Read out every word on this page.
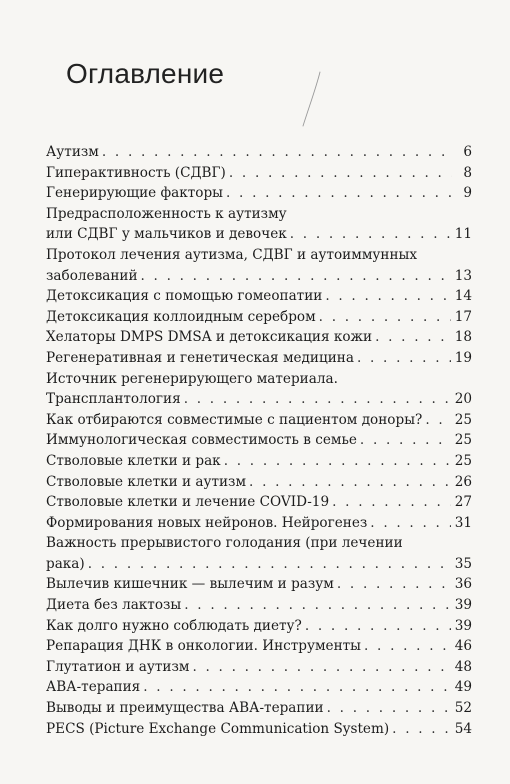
Оглавление
Аутизм . . .	6
Гиперактивность (СДВГ) . . .	8
Генерирующие факторы . . .	9
Предрасположенность к аутизму
или СДВГ у мальчиков и девочек . . .	11
Протокол лечения аутизма, СДВГ и аутоиммунных
заболеваний . . .	13
Детоксикация с помощью гомеопатии . . .	14
Детоксикация коллоидным серебром . . .	17
Хелаторы DMPS DMSA и детоксикация кожи . . .	18
Регенеративная и генетическая медицина . . .	19
Источник регенерирующего материала.
Трансплантология . . .	20
Как отбираются совместимые с пациентом доноры? . . . 25
Иммунологическая совместимость в семье . . .	25
Стволовые клетки и рак . . .	25
Стволовые клетки и аутизм . . .	26
Стволовые клетки и лечение COVID-19 . . .	27
Формирования новых нейронов. Нейрогенез . . .	31
Важность прерывистого голодания (при лечении
рака) . . .	35
Вылечив кишечник — вылечим и разум . . .	36
Диета без лактозы . . .	39
Как долго нужно соблюдать диету? . . .	39
Репарация ДНК в онкологии. Инструменты . . .	46
Глутатион и аутизм . . .	48
АВА-терапия . . .	49
Выводы и преимущества АВА-терапии . . .	52
PECS (Picture Exchange Communication System) . . .	54
